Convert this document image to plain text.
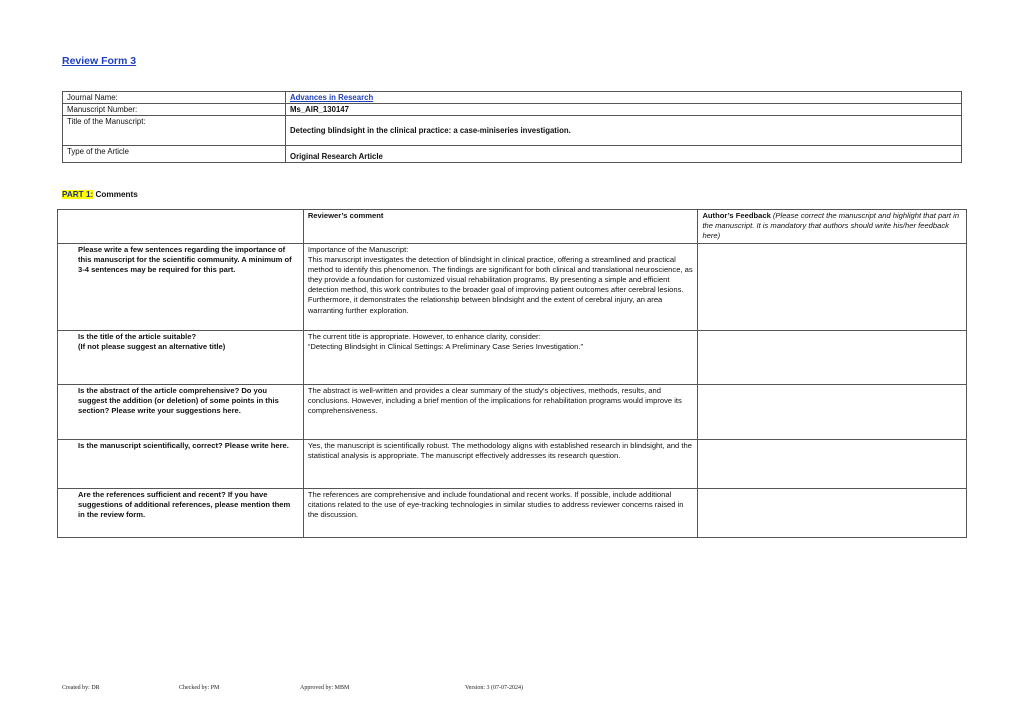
Review Form 3
Journal Name:	Advances in Research
Manuscript Number:	Ms_AIR_130147
Title of the Manuscript:	Detecting blindsight in the clinical practice: a case-miniseries investigation.
Type of the Article	Original Research Article
PART 1: Comments
	Reviewer’s comment	Author’s Feedback (Please correct the manuscript and highlight that part in the manuscript. It is mandatory that authors should write his/her feedback here)
Please write a few sentences regarding the importance of this manuscript for the scientific community. A minimum of 3-4 sentences may be required for this part.	Importance of the Manuscript:
This manuscript investigates the detection of blindsight in clinical practice, offering a streamlined and practical method to identify this phenomenon. The findings are significant for both clinical and translational neuroscience, as they provide a foundation for customized visual rehabilitation programs. By presenting a simple and efficient detection method, this work contributes to the broader goal of improving patient outcomes after cerebral lesions. Furthermore, it demonstrates the relationship between blindsight and the extent of cerebral injury, an area warranting further exploration.	
Is the title of the article suitable?
(If not please suggest an alternative title)	The current title is appropriate. However, to enhance clarity, consider:
“Detecting Blindsight in Clinical Settings: A Preliminary Case Series Investigation.”	
Is the abstract of the article comprehensive? Do you suggest the addition (or deletion) of some points in this section? Please write your suggestions here.	The abstract is well-written and provides a clear summary of the study’s objectives, methods, results, and conclusions. However, including a brief mention of the implications for rehabilitation programs would improve its comprehensiveness.	
Is the manuscript scientifically, correct? Please write here.	Yes, the manuscript is scientifically robust. The methodology aligns with established research in blindsight, and the statistical analysis is appropriate. The manuscript effectively addresses its research question.	
Are the references sufficient and recent? If you have suggestions of additional references, please mention them in the review form.	The references are comprehensive and include foundational and recent works. If possible, include additional citations related to the use of eye-tracking technologies in similar studies to address reviewer concerns raised in the discussion.	
Created by: DR	Checked by: PM	Approved by: MBM	Version: 3 (07-07-2024)
